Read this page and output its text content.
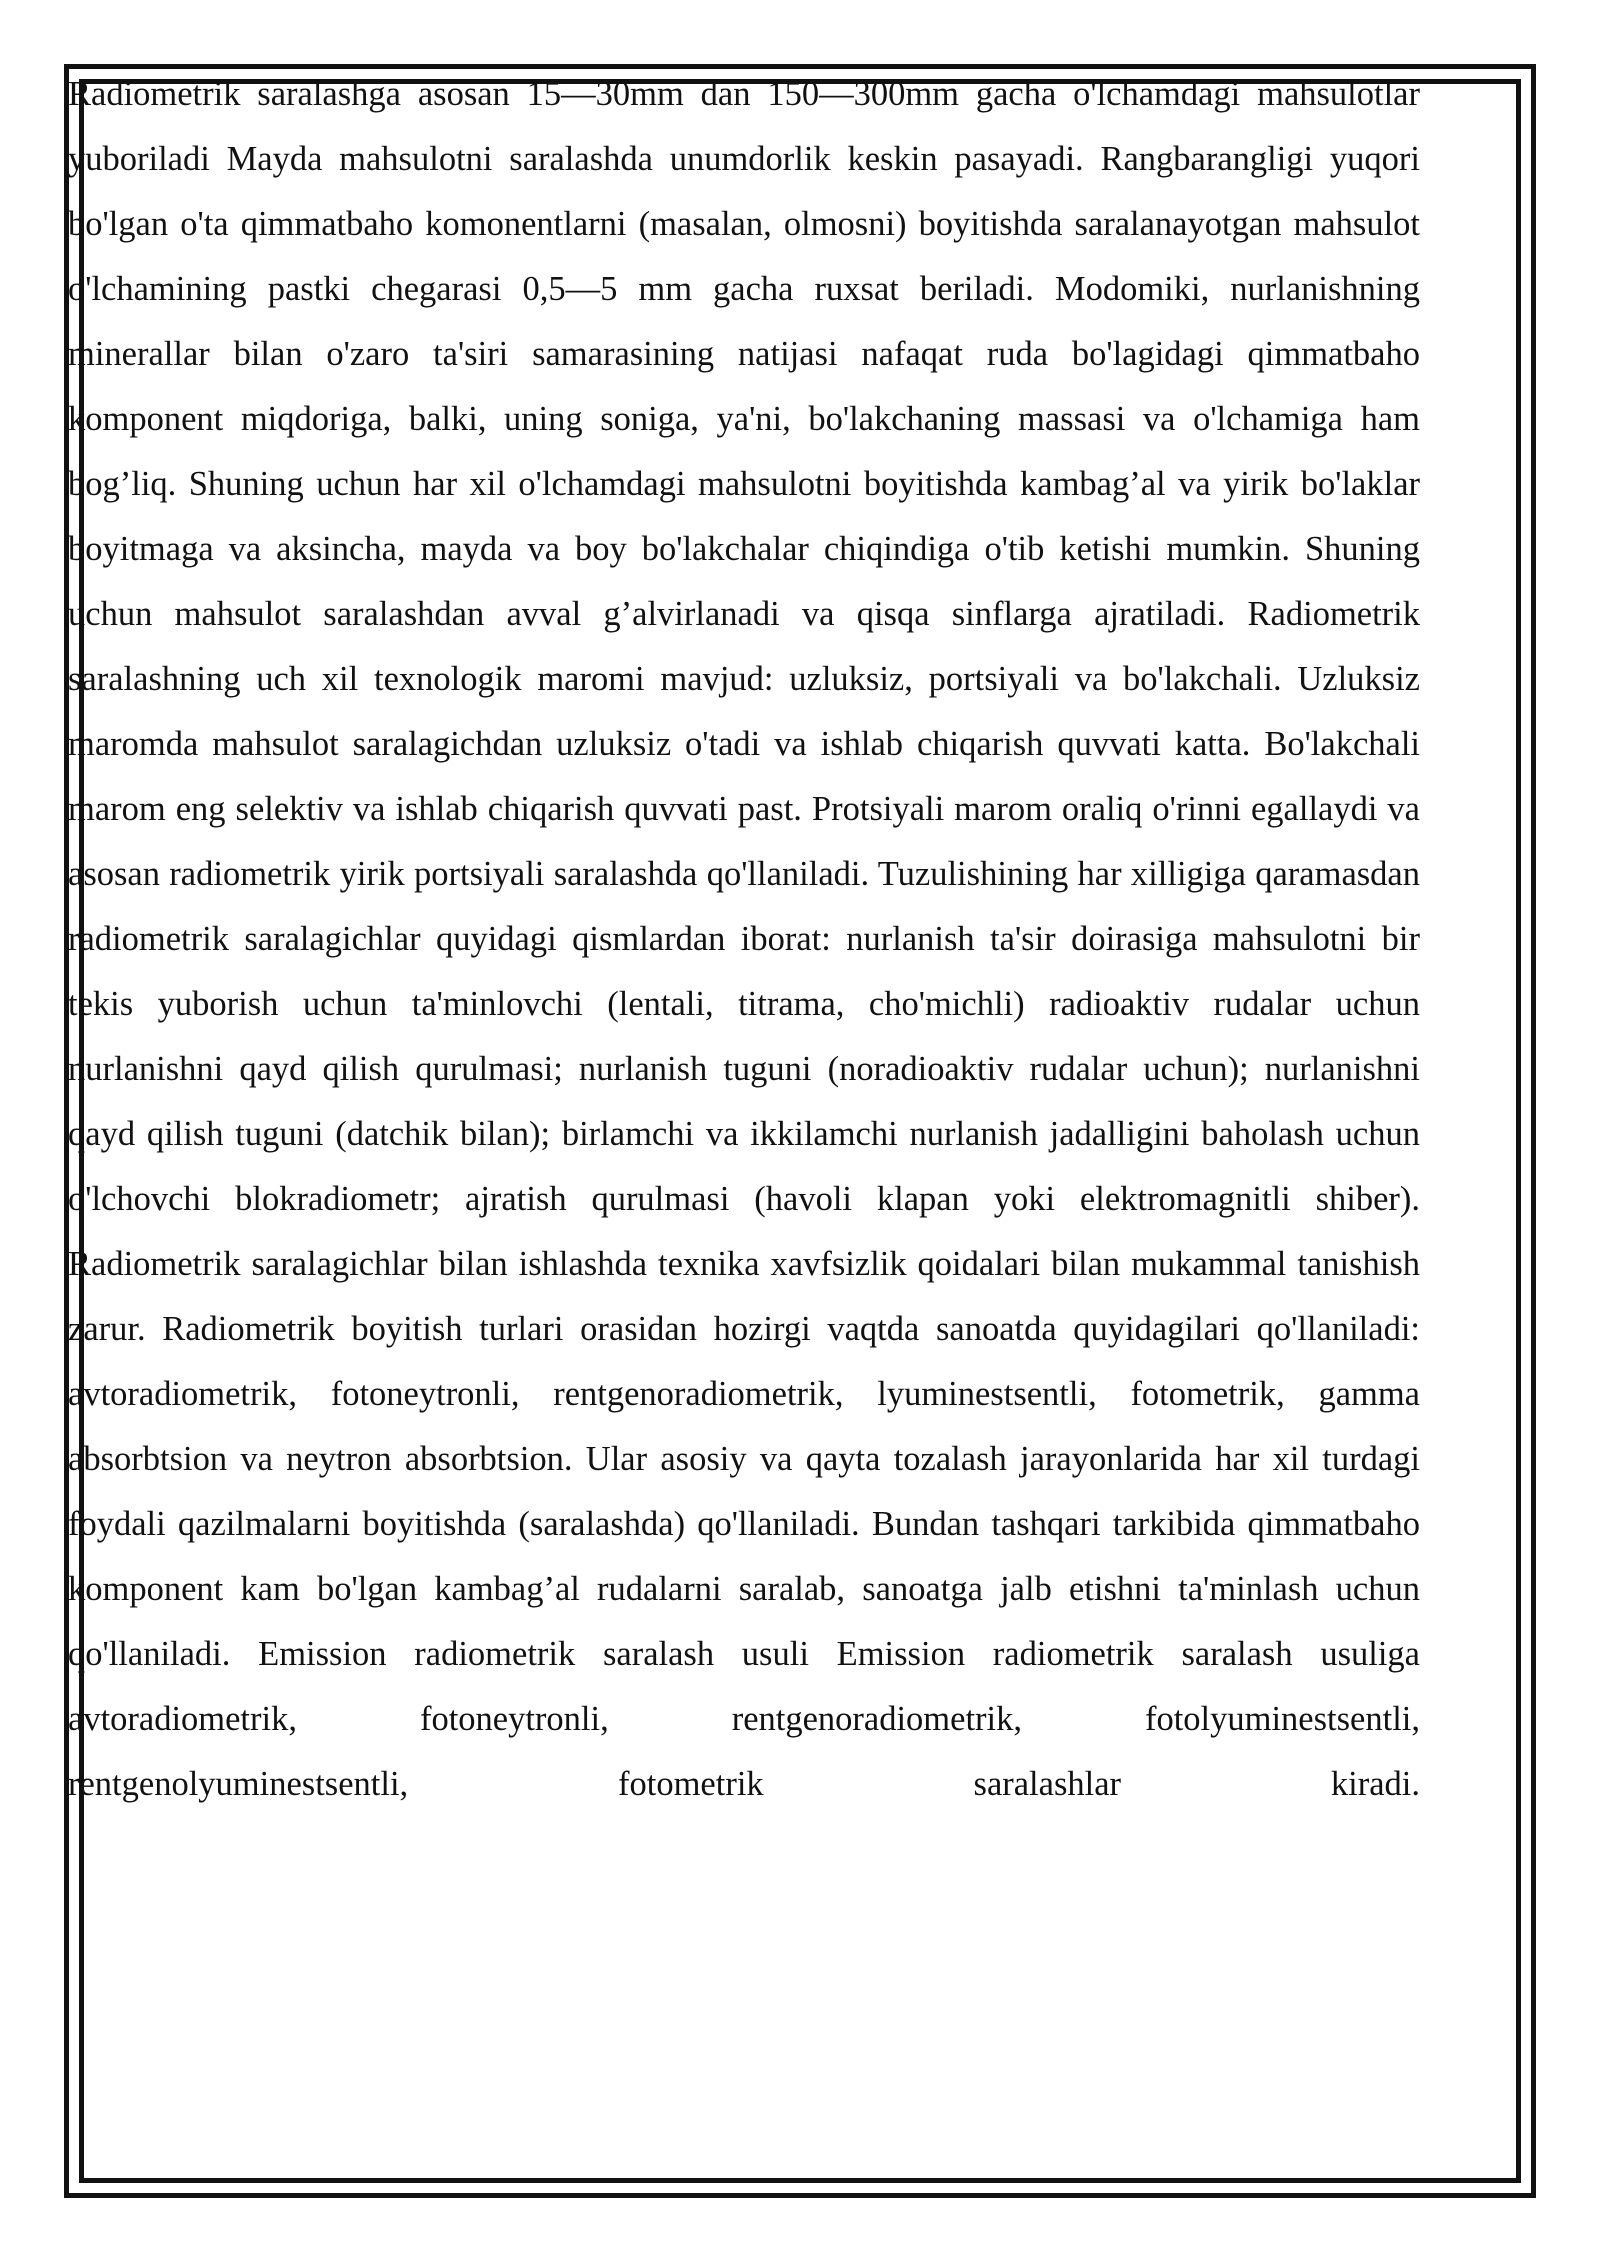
Radiometrik saralashga asosan 15—30mm dan 150—300mm gacha o'lchamdagi mahsulotlar yuboriladi Mayda mahsulotni saralashda unumdorlik keskin pasayadi. Rangbarangligi yuqori bo'lgan o'ta qimmatbaho komonentlarni (masalan, olmosni) boyitishda saralanayotgan mahsulot o'lchamining pastki chegarasi 0,5—5 mm gacha ruxsat beriladi. Modomiki, nurlanishning minerallar bilan o'zaro ta'siri samarasining natijasi nafaqat ruda bo'lagidagi qimmatbaho komponent miqdoriga, balki, uning soniga, ya'ni, bo'lakchaning massasi va o'lchamiga ham bog’liq. Shuning uchun har xil o'lchamdagi mahsulotni boyitishda kambag’al va yirik bo'laklar boyitmaga va aksincha, mayda va boy bo'lakchalar chiqindiga o'tib ketishi mumkin. Shuning uchun mahsulot saralashdan avval g’alvirlanadi va qisqa sinflarga ajratiladi. Radiometrik saralashning uch xil texnologik maromi mavjud: uzluksiz, portsiyali va bo'lakchali. Uzluksiz maromda mahsulot saralagichdan uzluksiz o'tadi va ishlab chiqarish quvvati katta. Bo'lakchali marom eng selektiv va ishlab chiqarish quvvati past. Protsiyali marom oraliq o'rinni egallaydi va asosan radiometrik yirik portsiyali saralashda qo'llaniladi. Tuzulishining har xilligiga qaramasdan radiometrik saralagichlar quyidagi qismlardan iborat: nurlanish ta'sir doirasiga mahsulotni bir tekis yuborish uchun ta'minlovchi (lentali, titrama, cho'michli) radioaktiv rudalar uchun nurlanishni qayd qilish qurulmasi; nurlanish tuguni (noradioaktiv rudalar uchun); nurlanishni qayd qilish tuguni (datchik bilan); birlamchi va ikkilamchi nurlanish jadalligini baholash uchun o'lchovchi blokradiometr; ajratish qurulmasi (havoli klapan yoki elektromagnitli shiber). Radiometrik saralagichlar bilan ishlashda texnika xavfsizlik qoidalari bilan mukammal tanishish zarur. Radiometrik boyitish turlari orasidan hozirgi vaqtda sanoatda quyidagilari qo'llaniladi: avtoradiometrik, fotoneytronli, rentgenoradiometrik, lyuminestsentli, fotometrik, gamma absorbtsion va neytron absorbtsion. Ular asosiy va qayta tozalash jarayonlarida har xil turdagi foydali qazilmalarni boyitishda (saralashda) qo'llaniladi. Bundan tashqari tarkibida qimmatbaho komponent kam bo'lgan kambag’al rudalarni saralab, sanoatga jalb etishni ta'minlash uchun qo'llaniladi. Emission radiometrik saralash usuli Emission radiometrik saralash usuliga avtoradiometrik, fotoneytronli, rentgenoradiometrik, fotolyuminestsentli, rentgenolyuminestsentli, fotometrik saralashlar kiradi.
